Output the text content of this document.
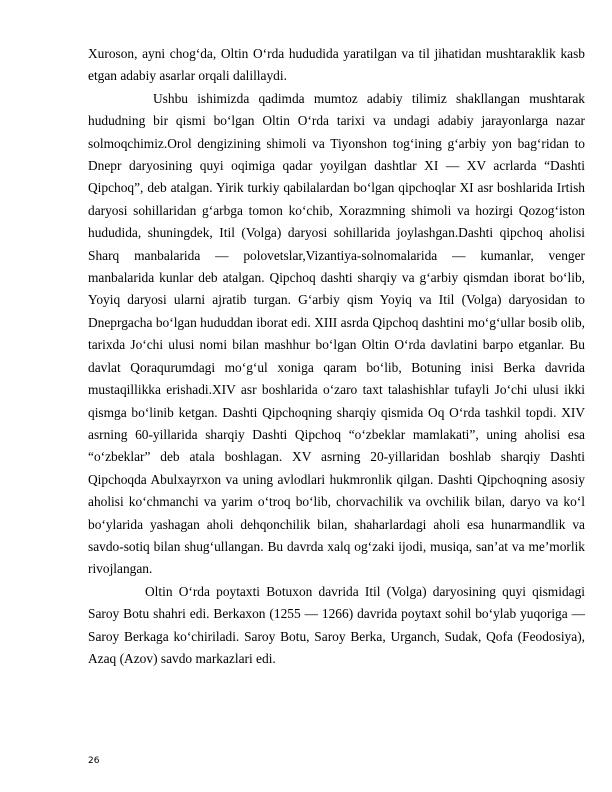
Xuroson, ayni chog‘da, Oltin O‘rda hududida yaratilgan va til jihatidan mushtaraklik kasb etgan adabiy asarlar orqali dalillaydi.

Ushbu ishimizda qadimda mumtoz adabiy tilimiz shakllangan mushtarak hududning bir qismi bo‘lgan Oltin O‘rda tarixi va undagi adabiy jarayonlarga nazar solmoqchimiz.Orol dengizining shimoli va Tiyonshon tog‘ining g‘arbiy yon bag‘ridan to Dnepr daryosining quyi oqimiga qadar yoyilgan dashtlar XI — XV acrlarda “Dashti Qipchoq”, deb atalgan. Yirik turkiy qabilalardan bo‘lgan qipchoqlar XI asr boshlarida Irtish daryosi sohillaridan g‘arbga tomon ko‘chib, Xorazmning shimoli va hozirgi Qozog‘iston hududida, shuningdek, Itil (Volga) daryosi sohillarida joylashgan.Dashti qipchoq aholisi Sharq manbalarida — polovetslar,Vizantiya-solnomalarida — kumanlar, venger manbalarida kunlar deb atalgan. Qipchoq dashti sharqiy va g‘arbiy qismdan iborat bo‘lib, Yoyiq daryosi ularni ajratib turgan. G‘arbiy qism Yoyiq va Itil (Volga) daryosidan to Dneprgacha bo‘lgan hududdan iborat edi. XIII asrda Qipchoq dashtini mo‘g‘ullar bosib olib, tarixda Jo‘chi ulusi nomi bilan mashhur bo‘lgan Oltin O‘rda davlatini barpo etganlar. Bu davlat Qoraqurumdagi mo‘g‘ul xoniga qaram bo‘lib, Botuning inisi Berka davrida mustaqillikka erishadi.XIV asr boshlarida o‘zaro taxt talashishlar tufayli Jo‘chi ulusi ikki qismga bo‘linib ketgan. Dashti Qipchoqning sharqiy qismida Oq O‘rda tashkil topdi. XIV asrning 60-yillarida sharqiy Dashti Qipchoq “o‘zbeklar mamlakati”, uning aholisi esa “o‘zbeklar” deb atala boshlagan. XV asrning 20-yillaridan boshlab sharqiy Dashti Qipchoqda Abulxayrxon va uning avlodlari hukmronlik qilgan. Dashti Qipchoqning asosiy aholisi ko‘chmanchi va yarim o‘troq bo‘lib, chorvachilik va ovchilik bilan, daryo va ko‘l bo‘ylarida yashagan aholi dehqonchilik bilan, shaharlardagi aholi esa hunarmandlik va savdo-sotiq bilan shug‘ullangan. Bu davrda xalq og‘zaki ijodi, musiqa, san’at va me’morlik rivojlangan.

Oltin O‘rda poytaxti Botuxon davrida Itil (Volga) daryosining quyi qismidagi Saroy Botu shahri edi. Berkaxon (1255 — 1266) davrida poytaxt sohil bo‘ylab yuqoriga — Saroy Berkaga ko‘chiriladi. Saroy Botu, Saroy Berka, Urganch, Sudak, Qofa (Feodosiya), Azaq (Azov) savdo markazlari edi.

26
